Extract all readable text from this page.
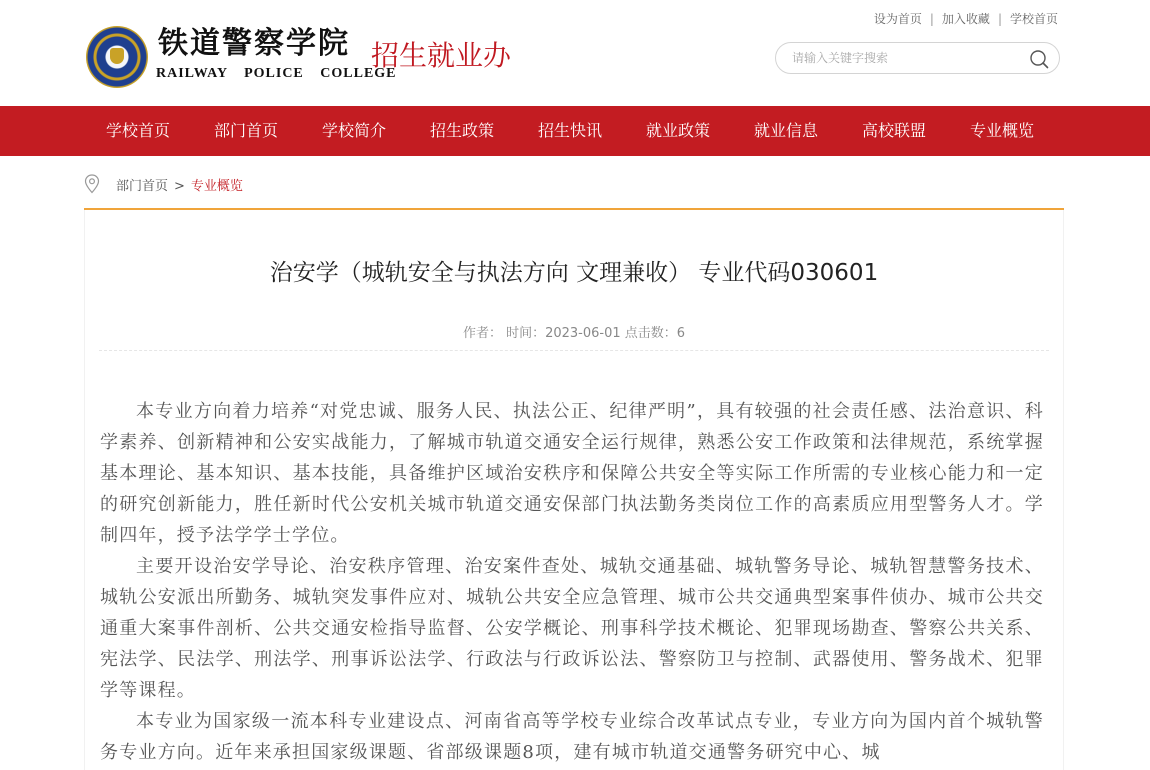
铁道警察学院
RAILWAY POLICE COLLEGE
招生就业办
设为首页 | 加入收藏 | 学校首页
请输入关键字搜索
学校首页	部门首页	学校简介	招生政策	招生快讯	就业政策	就业信息	高校联盟	专业概览
部门首页 > 专业概览
治安学（城轨安全与执法方向 文理兼收） 专业代码030601
作者： 时间：2023-06-01 点击数：6

本专业方向着力培养“对党忠诚、服务人民、执法公正、纪律严明”，具有较强的社会责任感、法治意识、科学素养、创新精神和公安实战能力，了解城市轨道交通安全运行规律，熟悉公安工作政策和法律规范，系统掌握基本理论、基本知识、基本技能，具备维护区域治安秩序和保障公共安全等实际工作所需的专业核心能力和一定的研究创新能力，胜任新时代公安机关城市轨道交通安保部门执法勤务类岗位工作的高素质应用型警务人才。学制四年，授予法学学士学位。

主要开设治安学导论、治安秩序管理、治安案件查处、城轨交通基础、城轨警务导论、城轨智慧警务技术、城轨公安派出所勤务、城轨突发事件应对、城轨公共安全应急管理、城市公共交通典型案事件侦办、城市公共交通重大案事件剖析、公共交通安检指导监督、公安学概论、刑事科学技术概论、犯罪现场勘查、警察公共关系、宪法学、民法学、刑法学、刑事诉讼法学、行政法与行政诉讼法、警察防卫与控制、武器使用、警务战术、犯罪学等课程。

本专业为国家级一流本科专业建设点、河南省高等学校专业综合改革试点专业，专业方向为国内首个城轨警务专业方向。近年来承担国家级课题、省部级课题8项，建有城市轨道交通警务研究中心、城
